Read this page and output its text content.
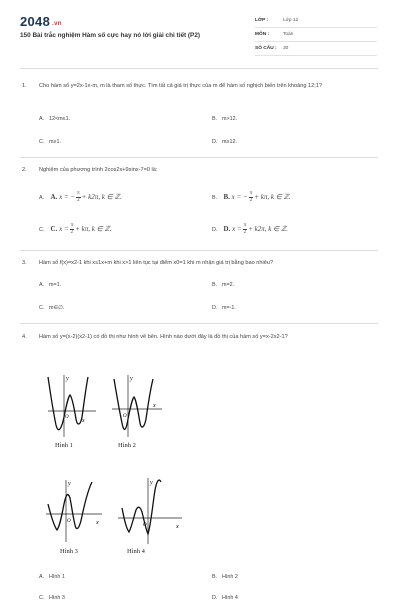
2048 .vn
150 Bài trắc nghiệm Hàm số cực hay nó lời giải chi tiết (P2)
LỚP :	Lớp 12
MÔN :	Toán
SỐ CÂU : 30
1. Cho hàm số y=2x-1x-m, m là tham số thực. Tìm tất cả giá trị thực của m để hàm số nghịch biến trên khoảng 12;1?
A. 12<m≤1.	B. m>12.
C. m≥1.	D. m≥12.
2. Nghiệm của phương trình 2cos2x+9sinx-7=0 là:
A. A. x = − $\frac{\pi}{2} + k2\pi$, k ∈ ℤ.	B. B. x = − $\frac{\pi}{2} + k\pi$, k ∈ ℤ.
C. C. $x = \frac{\pi}{2} + k\pi$, k ∈ ℤ.	D. D. $x = \frac{\pi}{2} + k2\pi$, k ∈ ℤ.
3. Hàm số f(x)=x2-1 khi x≤1x+m khi x>1 liên tục tại điểm x0=1 khi m nhận giá trị bằng bao nhiêu?
A. m=1.	B. m=2.
C. m∈∅.	D. m=-1.
4. Hàm số y=(x-2)(x2-1) có đồ thị như hình vẽ bên. Hình nào dưới đây là đồ thị của hàm số y=x-2x2-1?
y
x
O
Hình 1
y
x
O
Hình 2
y
x
O
Hình 3
y
x
O
Hình 4
A. Hình 1	B. Hình 2
C. Hình 3	D. Hình 4
